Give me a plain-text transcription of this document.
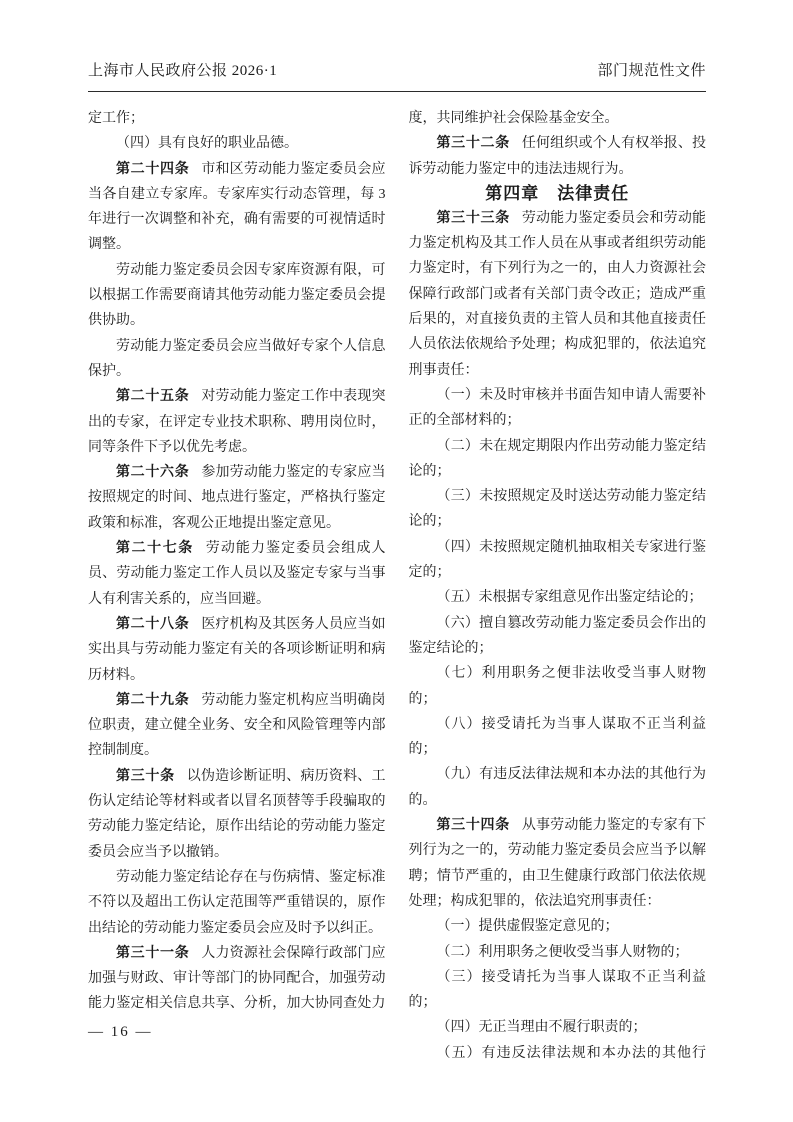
上海市人民政府公报 2026·1	部门规范性文件

定工作；

（四）具有良好的职业品德。

第二十四条 市和区劳动能力鉴定委员会应当各自建立专家库。专家库实行动态管理，每 3 年进行一次调整和补充，确有需要的可视情适时调整。

劳动能力鉴定委员会因专家库资源有限，可以根据工作需要商请其他劳动能力鉴定委员会提供协助。

劳动能力鉴定委员会应当做好专家个人信息保护。

第二十五条 对劳动能力鉴定工作中表现突出的专家，在评定专业技术职称、聘用岗位时，同等条件下予以优先考虑。

第二十六条 参加劳动能力鉴定的专家应当按照规定的时间、地点进行鉴定，严格执行鉴定政策和标准，客观公正地提出鉴定意见。

第二十七条 劳动能力鉴定委员会组成人员、劳动能力鉴定工作人员以及鉴定专家与当事人有利害关系的，应当回避。

第二十八条 医疗机构及其医务人员应当如实出具与劳动能力鉴定有关的各项诊断证明和病历材料。

第二十九条 劳动能力鉴定机构应当明确岗位职责，建立健全业务、安全和风险管理等内部控制制度。

第三十条 以伪造诊断证明、病历资料、工伤认定结论等材料或者以冒名顶替等手段骗取的劳动能力鉴定结论，原作出结论的劳动能力鉴定委员会应当予以撤销。

劳动能力鉴定结论存在与伤病情、鉴定标准不符以及超出工伤认定范围等严重错误的，原作出结论的劳动能力鉴定委员会应及时予以纠正。

第三十一条 人力资源社会保障行政部门应加强与财政、审计等部门的协同配合，加强劳动能力鉴定相关信息共享、分析，加大协同查处力

度，共同维护社会保险基金安全。

第三十二条 任何组织或个人有权举报、投诉劳动能力鉴定中的违法违规行为。

第四章　法律责任

第三十三条 劳动能力鉴定委员会和劳动能力鉴定机构及其工作人员在从事或者组织劳动能力鉴定时，有下列行为之一的，由人力资源社会保障行政部门或者有关部门责令改正；造成严重后果的，对直接负责的主管人员和其他直接责任人员依法依规给予处理；构成犯罪的，依法追究刑事责任：

（一）未及时审核并书面告知申请人需要补正的全部材料的；

（二）未在规定期限内作出劳动能力鉴定结论的；

（三）未按照规定及时送达劳动能力鉴定结论的；

（四）未按照规定随机抽取相关专家进行鉴定的；

（五）未根据专家组意见作出鉴定结论的；

（六）擅自篡改劳动能力鉴定委员会作出的鉴定结论的；

（七）利用职务之便非法收受当事人财物的；

（八）接受请托为当事人谋取不正当利益的；

（九）有违反法律法规和本办法的其他行为的。

第三十四条 从事劳动能力鉴定的专家有下列行为之一的，劳动能力鉴定委员会应当予以解聘；情节严重的，由卫生健康行政部门依法依规处理；构成犯罪的，依法追究刑事责任：

（一）提供虚假鉴定意见的；

（二）利用职务之便收受当事人财物的；

（三）接受请托为当事人谋取不正当利益的；

（四）无正当理由不履行职责的；

（五）有违反法律法规和本办法的其他行

— 16 —
